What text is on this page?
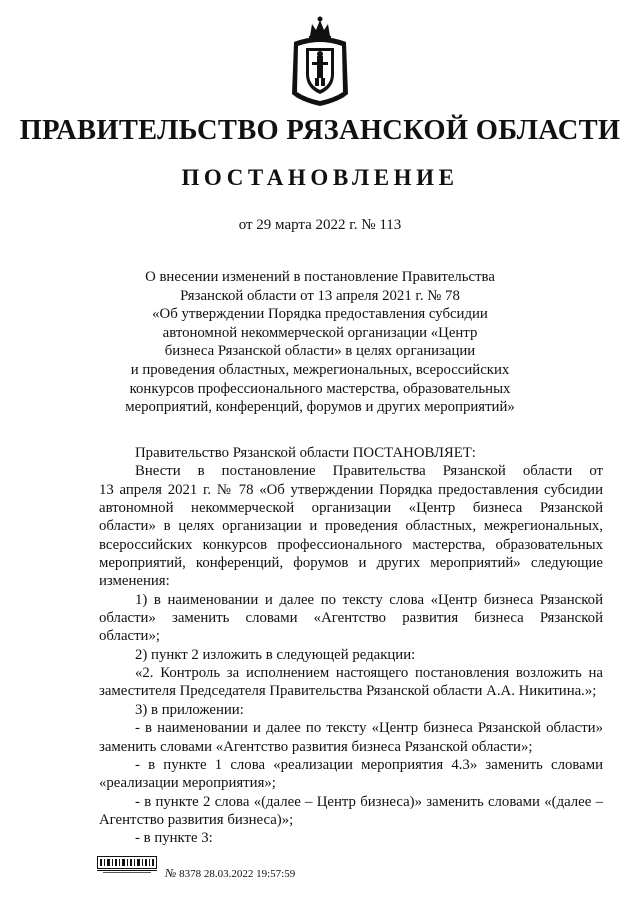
ПРАВИТЕЛЬСТВО РЯЗАНСКОЙ ОБЛАСТИ
ПОСТАНОВЛЕНИЕ
от 29 марта 2022 г. № 113
О внесении изменений в постановление Правительства
Рязанской области от 13 апреля 2021 г. № 78
«Об утверждении Порядка предоставления субсидии
автономной некоммерческой организации «Центр
бизнеса Рязанской области» в целях организации
и проведения областных, межрегиональных, всероссийских
конкурсов профессионального мастерства, образовательных
мероприятий, конференций, форумов и других мероприятий»
Правительство Рязанской области ПОСТАНОВЛЯЕТ:
Внести в постановление Правительства Рязанской области от
13 апреля 2021 г. № 78 «Об утверждении Порядка предоставления субсидии
автономной некоммерческой организации «Центр бизнеса Рязанской
области» в целях организации и проведения областных, межрегиональных,
всероссийских конкурсов профессионального мастерства, образовательных
мероприятий, конференций, форумов и других мероприятий» следующие
изменения:
1) в наименовании и далее по тексту слова «Центр бизнеса Рязанской
области» заменить словами «Агентство развития бизнеса Рязанской
области»;
2) пункт 2 изложить в следующей редакции:
«2. Контроль за исполнением настоящего постановления возложить на
заместителя Председателя Правительства Рязанской области А.А. Никитина.»;
3) в приложении:
- в наименовании и далее по тексту «Центр бизнеса Рязанской области»
заменить словами «Агентство развития бизнеса Рязанской области»;
- в пункте 1 слова «реализации мероприятия 4.3» заменить словами
«реализации мероприятия»;
- в пункте 2 слова «(далее – Центр бизнеса)» заменить словами «(далее –
Агентство развития бизнеса)»;
- в пункте 3:
№ 8378 28.03.2022 19:57:59
